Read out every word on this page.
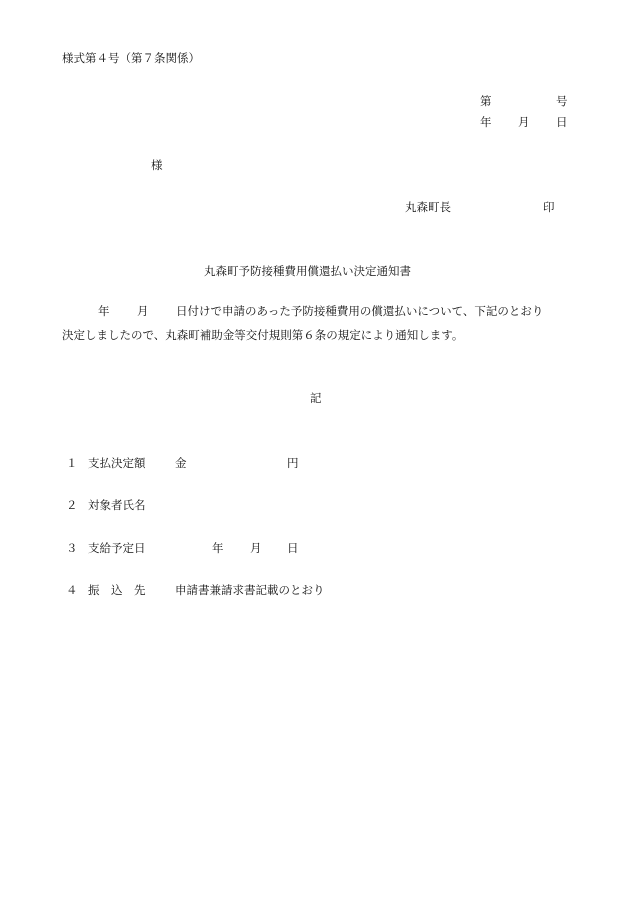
様式第４号（第７条関係）
第	号
年 月 日
様
丸森町長	印
丸森町予防接種費用償還払い決定通知書
年 月 日付けで申請のあった予防接種費用の償還払いについて、下記のとおり
決定しましたので、丸森町補助金等交付規則第６条の規定により通知します。
記
１ 支払決定額	金	円
２ 対象者氏名
３ 支給予定日	年 月 日
４ 振　込　先	申請書兼請求書記載のとおり
